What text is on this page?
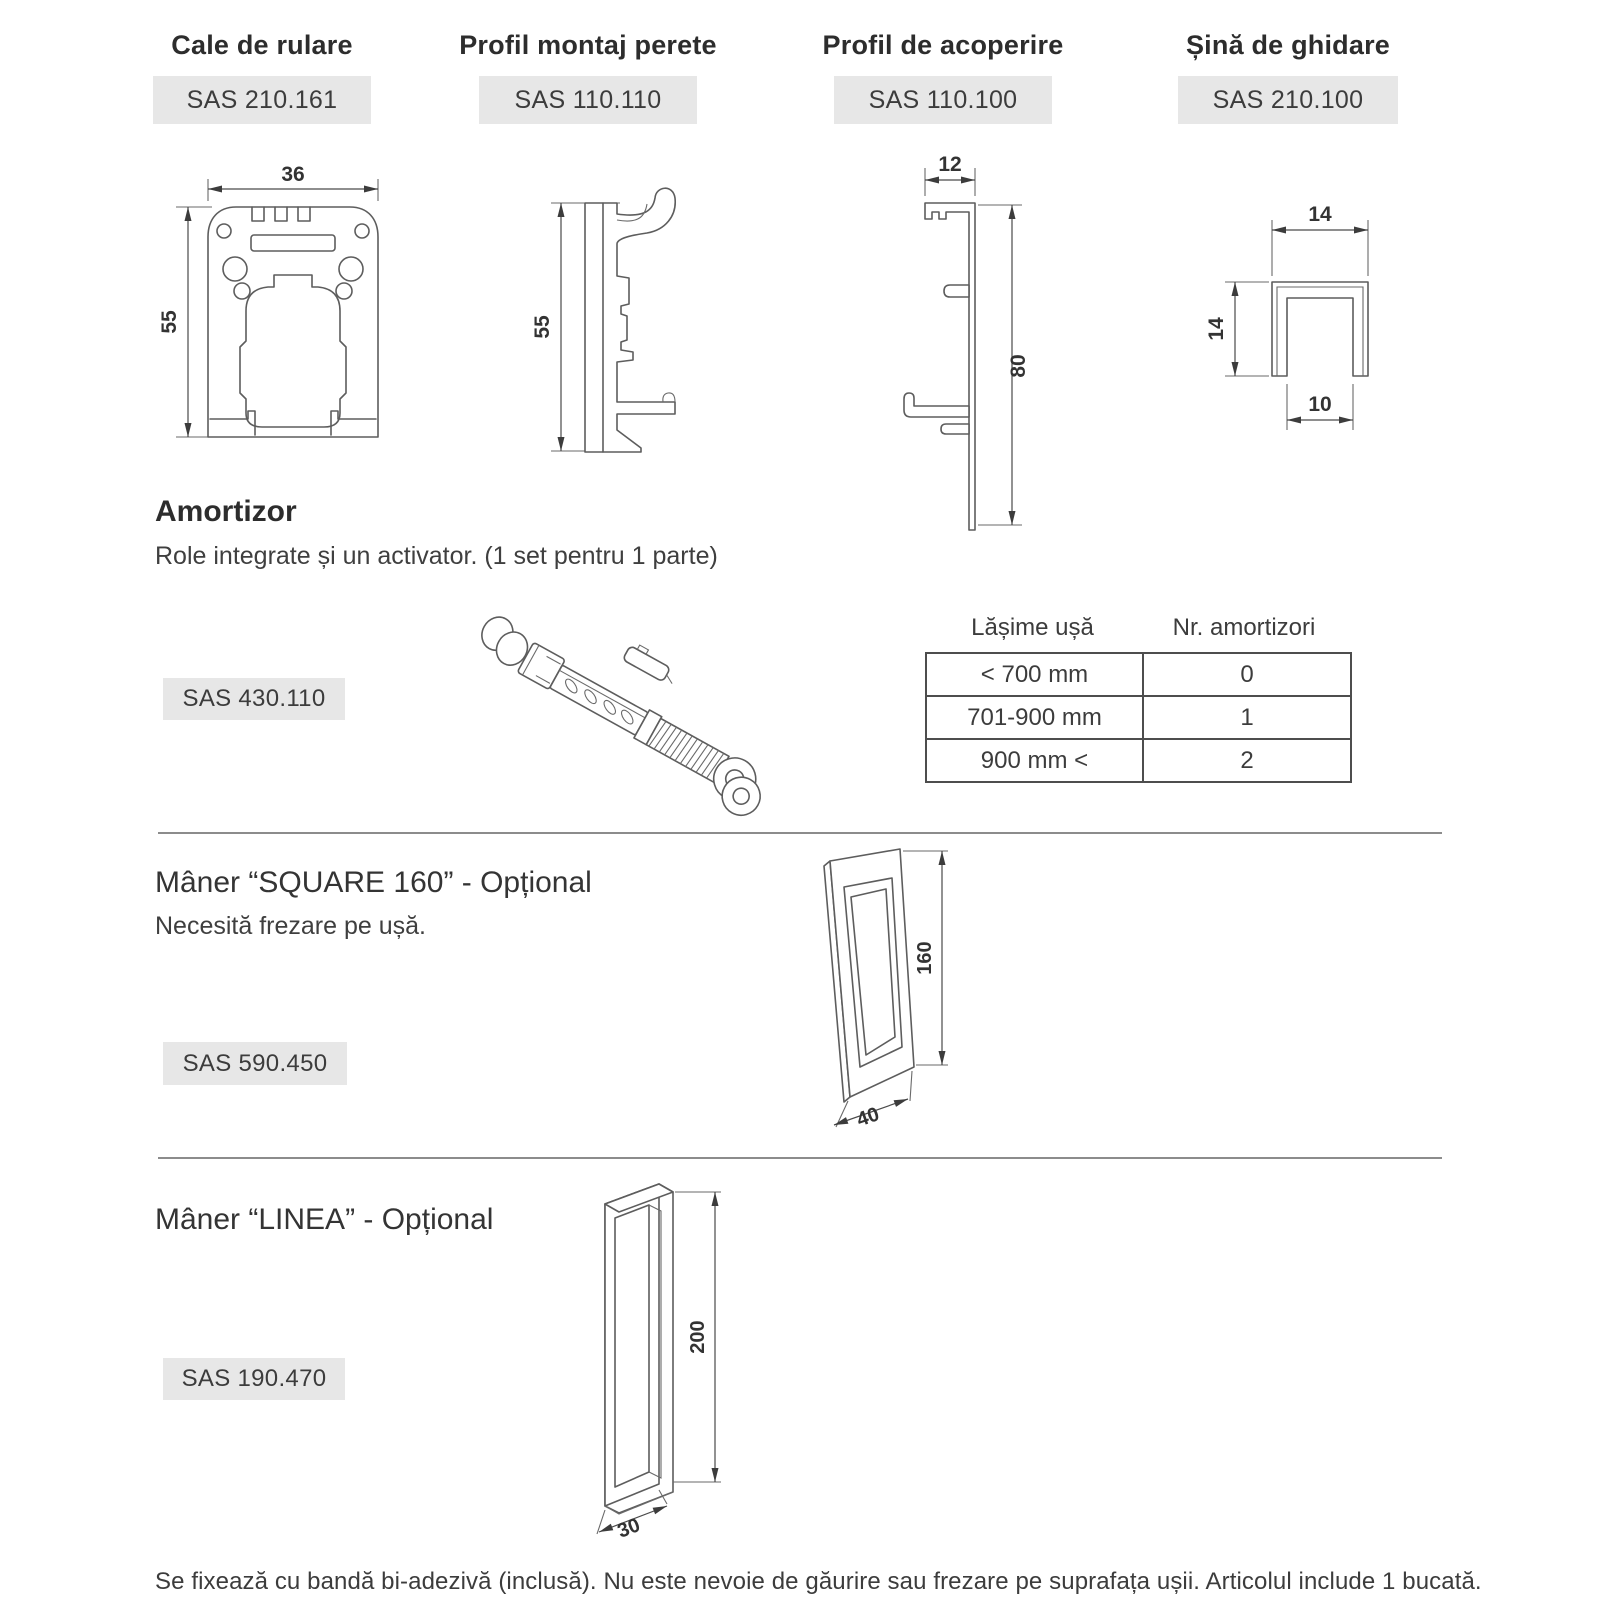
Cale de rulare	Profil montaj perete	Profil de acoperire	Șină de ghidare
SAS 210.161	SAS 110.110	SAS 110.100	SAS 210.100
36
55	55
12
80
14
14
10
Amortizor
Role integrate și un activator. (1 set pentru 1 parte)
SAS 430.110
Lășime ușă	Nr. amortizori
< 700 mm	0
701-900 mm	1
900 mm <	2
Mâner “SQUARE 160” - Opțional
Necesită frezare pe ușă.
160
40
SAS 590.450
Mâner “LINEA” - Opțional
200
30
SAS 190.470
Se fixează cu bandă bi-adezivă (inclusă). Nu este nevoie de găurire sau frezare pe suprafața ușii. Articolul include 1 bucată.
